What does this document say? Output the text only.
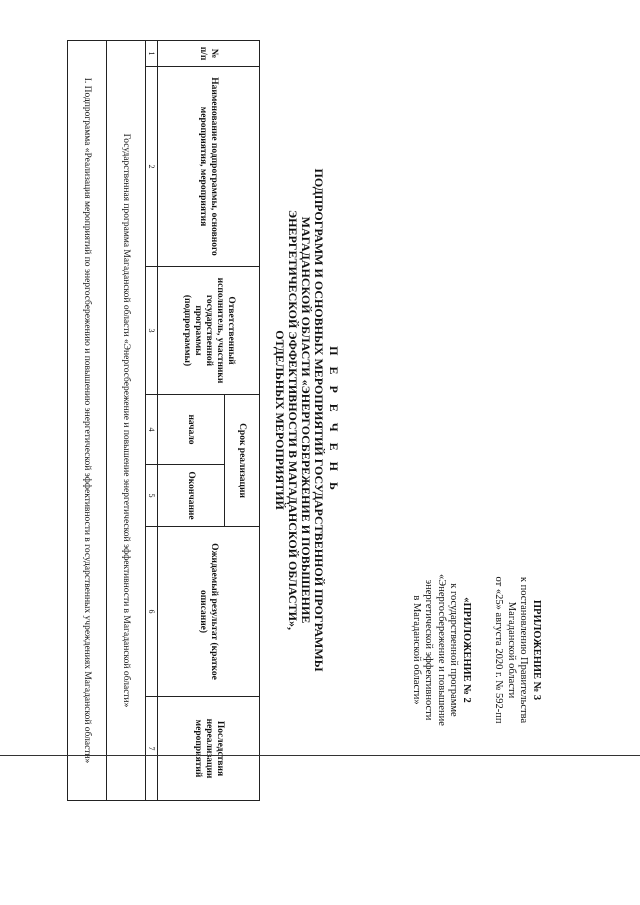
ПРИЛОЖЕНИЕ № 3
к постановлению Правительства
Магаданской области
от «25» августа 2020 г. № 592-пп
«ПРИЛОЖЕНИЕ № 2
к государственной программе
«Энергосбережение и повышение
энергетической эффективности
в Магаданской области»
П Е Р Е Ч Е Н Ь
ПОДПРОГРАММ И ОСНОВНЫХ МЕРОПРИЯТИЙ ГОСУДАРСТВЕННОЙ ПРОГРАММЫ
МАГАДАНСКОЙ ОБЛАСТИ «ЭНЕРГОСБЕРЕЖЕНИЕ И ПОВЫШЕНИЕ
ЭНЕРГЕТИЧЕСКОЙ ЭФФЕКТИВНОСТИ В МАГАДАНСКОЙ ОБЛАСТИ»,
ОТДЕЛЬНЫХ МЕРОПРИЯТИЙ
№ п/п	Наименование подпрограммы, основного мероприятия, мероприятия	Ответственный исполнитель, участники государственной программы (подпрограммы)	Срок реализации		Ожидаемый результат (краткое описание)	Последствия нереализации мероприятий
			начало	Окончание		
1	2	3	4	5	6	7
Государственная программа Магаданской области «Энергосбережение и повышение энергетической эффективности в Магаданской области»						
I. Подпрограмма «Реализация мероприятий по энергосбережению и повышению энергетической эффективности в государственных учреждениях Магаданской области»						
